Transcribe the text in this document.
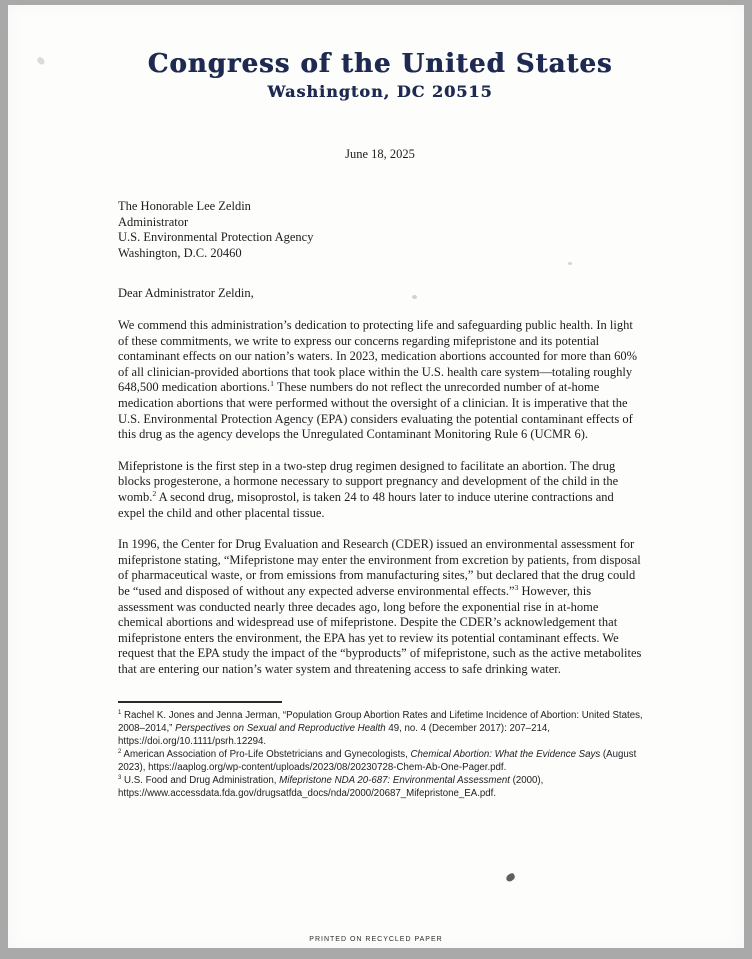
Congress of the United States
Washington, DC 20515
June 18, 2025
The Honorable Lee Zeldin
Administrator
U.S. Environmental Protection Agency
Washington, D.C. 20460
Dear Administrator Zeldin,

We commend this administration’s dedication to protecting life and safeguarding public health. In light of these commitments, we write to express our concerns regarding mifepristone and its potential contaminant effects on our nation’s waters. In 2023, medication abortions accounted for more than 60% of all clinician-provided abortions that took place within the U.S. health care system—totaling roughly 648,500 medication abortions.$^1$ These numbers do not reflect the unrecorded number of at-home medication abortions that were performed without the oversight of a clinician. It is imperative that the U.S. Environmental Protection Agency (EPA) considers evaluating the potential contaminant effects of this drug as the agency develops the Unregulated Contaminant Monitoring Rule 6 (UCMR 6).

Mifepristone is the first step in a two-step drug regimen designed to facilitate an abortion. The drug blocks progesterone, a hormone necessary to support pregnancy and development of the child in the womb.$^2$ A second drug, misoprostol, is taken 24 to 48 hours later to induce uterine contractions and expel the child and other placental tissue.

In 1996, the Center for Drug Evaluation and Research (CDER) issued an environmental assessment for mifepristone stating, “Mifepristone may enter the environment from excretion by patients, from disposal of pharmaceutical waste, or from emissions from manufacturing sites,” but declared that the drug could be “used and disposed of without any expected adverse environmental effects.”$^3$ However, this assessment was conducted nearly three decades ago, long before the exponential rise in at-home chemical abortions and widespread use of mifepristone. Despite the CDER’s acknowledgement that mifepristone enters the environment, the EPA has yet to review its potential contaminant effects. We request that the EPA study the impact of the “byproducts” of mifepristone, such as the active metabolites that are entering our nation’s water system and threatening access to safe drinking water.

$^1$ Rachel K. Jones and Jenna Jerman, “Population Group Abortion Rates and Lifetime Incidence of Abortion: United States, 2008–2014,” Perspectives on Sexual and Reproductive Health 49, no. 4 (December 2017): 207–214, https://doi.org/10.1111/psrh.12294.

$^2$ American Association of Pro-Life Obstetricians and Gynecologists, Chemical Abortion: What the Evidence Says (August 2023), https://aaplog.org/wp-content/uploads/2023/08/20230728-Chem-Ab-One-Pager.pdf.

$^3$ U.S. Food and Drug Administration, Mifepristone NDA 20-687: Environmental Assessment (2000), https://www.accessdata.fda.gov/drugsatfda_docs/nda/2000/20687_Mifepristone_EA.pdf.

PRINTED ON RECYCLED PAPER
